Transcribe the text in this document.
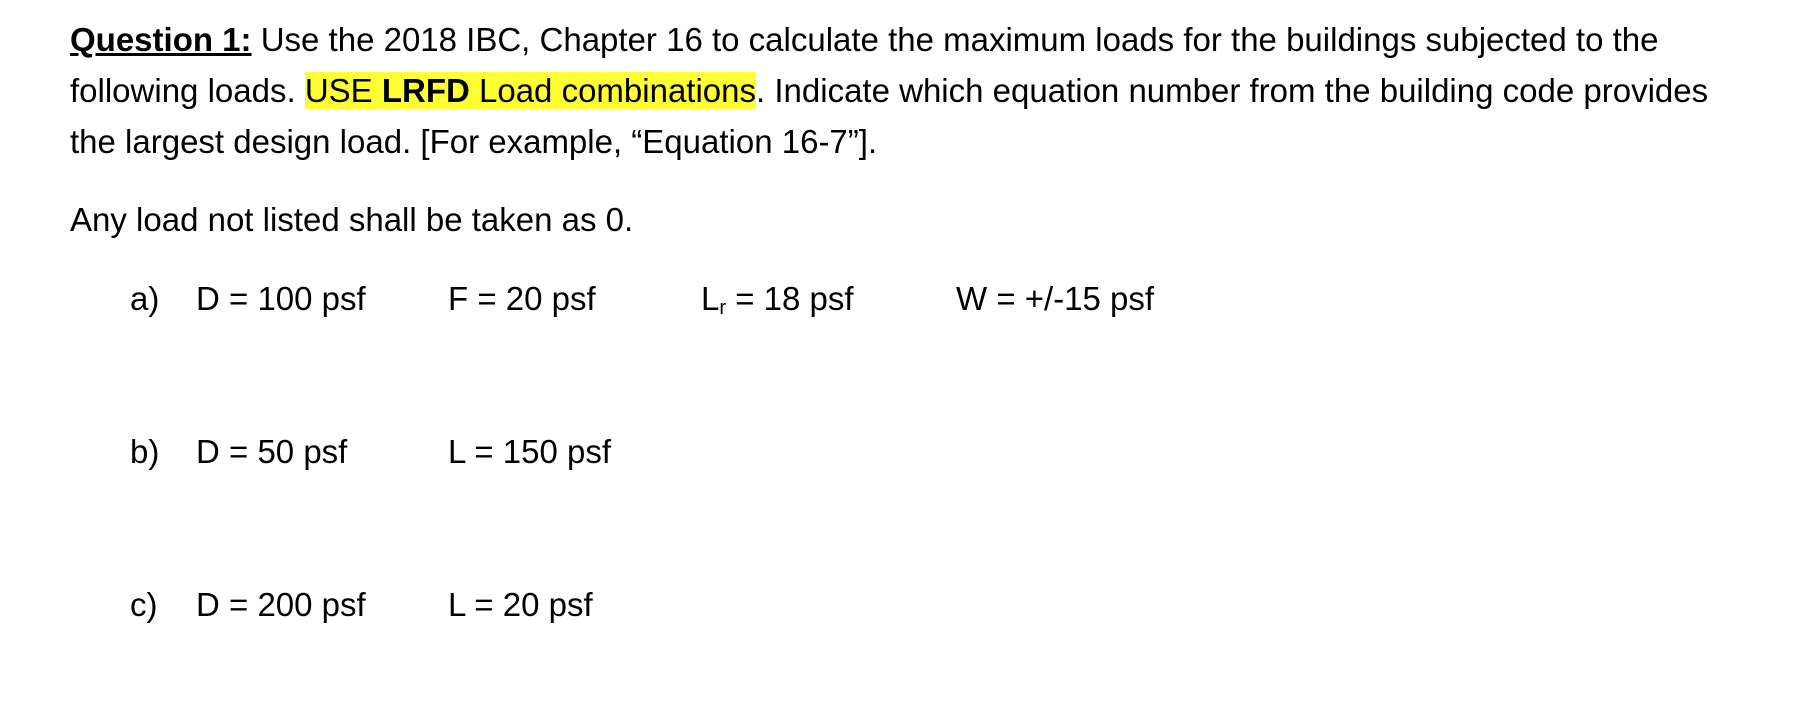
Question 1: Use the 2018 IBC, Chapter 16 to calculate the maximum loads for the buildings subjected to the following loads. USE LRFD Load combinations. Indicate which equation number from the building code provides the largest design load. [For example, “Equation 16-7”].

Any load not listed shall be taken as 0.

a) D = 100 psf F = 20 psf	$L_r = 18$ psf	W = +/-15 psf
b) D = 50 psf	L = 150 psf
c) D = 200 psf L = 20 psf
